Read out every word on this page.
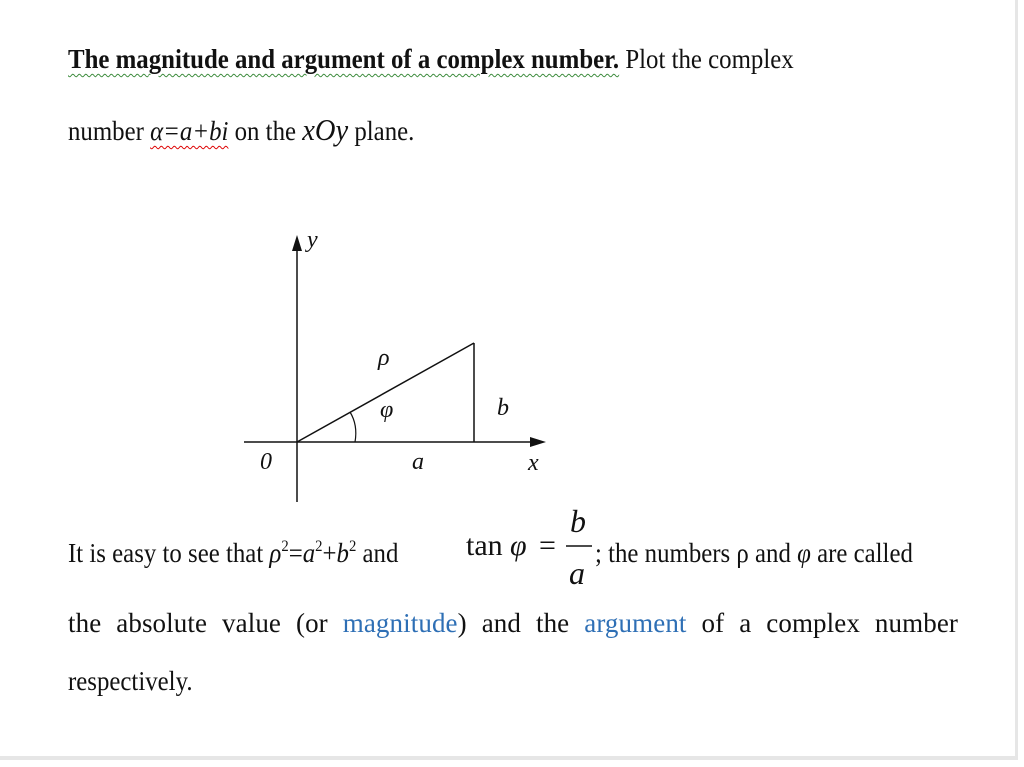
The magnitude and argument of a complex number. Plot the complex
number α=a+bi on the xOy plane.
y
x
0
ρ
φ	b
a
It is easy to see that $\rho^2=a^2+b^2$ and tan φ =
b
a
; the numbers ρ and φ are called
the absolute value (or magnitude) and the argument of a complex number
respectively.
